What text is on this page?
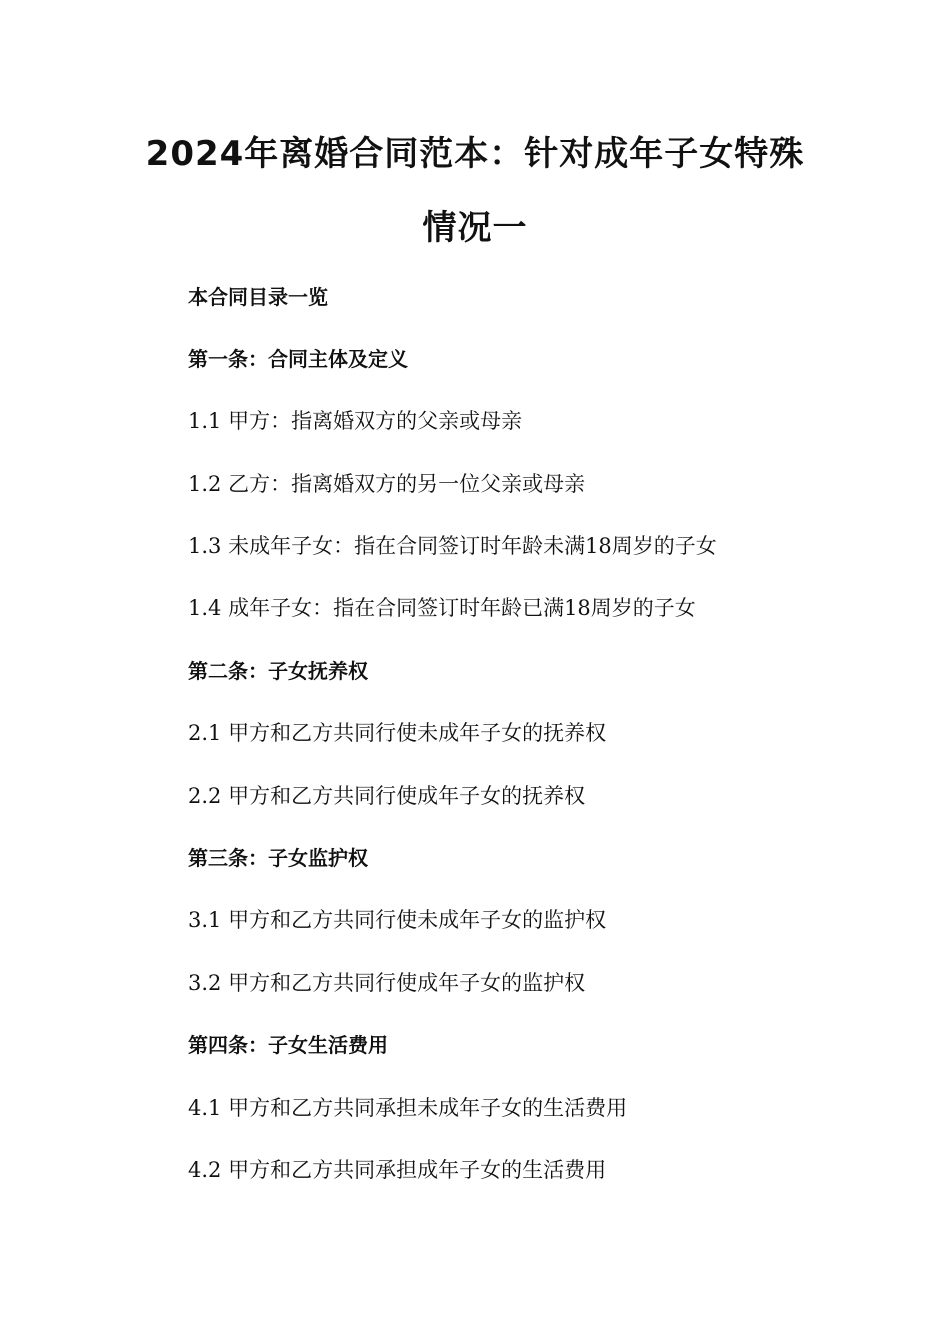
2024年离婚合同范本：针对成年子女特殊
情况一
本合同目录一览
第一条：合同主体及定义
1.1 甲方：指离婚双方的父亲或母亲
1.2 乙方：指离婚双方的另一位父亲或母亲
1.3 未成年子女：指在合同签订时年龄未满18周岁的子女
1.4 成年子女：指在合同签订时年龄已满18周岁的子女
第二条：子女抚养权
2.1 甲方和乙方共同行使未成年子女的抚养权
2.2 甲方和乙方共同行使成年子女的抚养权
第三条：子女监护权
3.1 甲方和乙方共同行使未成年子女的监护权
3.2 甲方和乙方共同行使成年子女的监护权
第四条：子女生活费用
4.1 甲方和乙方共同承担未成年子女的生活费用
4.2 甲方和乙方共同承担成年子女的生活费用
